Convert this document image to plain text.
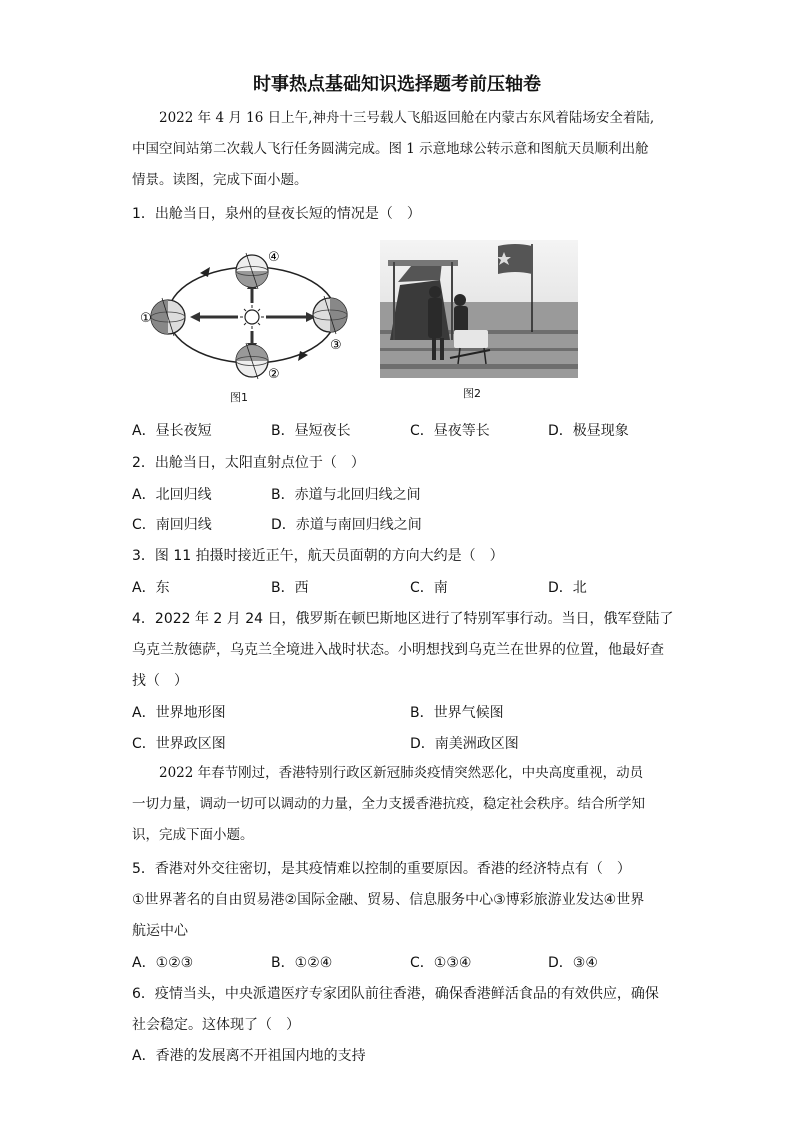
时事热点基础知识选择题考前压轴卷
2022 年 4 月 16 日上午,神舟十三号载人飞船返回舱在内蒙古东风着陆场安全着陆,
中国空间站第二次载人飞行任务圆满完成。图 1 示意地球公转示意和图航天员顺利出舱
情景。读图，完成下面小题。
1．出舱当日，泉州的昼夜长短的情况是（　）
①
②
③
④
图1	图2
A．昼长夜短	B．昼短夜长	C．昼夜等长	D．极昼现象
2．出舱当日，太阳直射点位于（　）
A．北回归线	B．赤道与北回归线之间
C．南回归线	D．赤道与南回归线之间
3．图 11 拍摄时接近正午，航天员面朝的方向大约是（　）
A．东	B．西	C．南	D．北
4．2022 年 2 月 24 日，俄罗斯在顿巴斯地区进行了特别军事行动。当日，俄军登陆了
乌克兰敖德萨，乌克兰全境进入战时状态。小明想找到乌克兰在世界的位置，他最好查
找（　）
A．世界地形图	B．世界气候图
C．世界政区图	D．南美洲政区图
2022 年春节刚过，香港特别行政区新冠肺炎疫情突然恶化，中央高度重视，动员
一切力量，调动一切可以调动的力量，全力支援香港抗疫，稳定社会秩序。结合所学知
识，完成下面小题。
5．香港对外交往密切，是其疫情难以控制的重要原因。香港的经济特点有（　）
①世界著名的自由贸易港②国际金融、贸易、信息服务中心③博彩旅游业发达④世界
航运中心
A．①②③	B．①②④	C．①③④	D．③④
6．疫情当头，中央派遣医疗专家团队前往香港，确保香港鲜活食品的有效供应，确保
社会稳定。这体现了（　）
A．香港的发展离不开祖国内地的支持
